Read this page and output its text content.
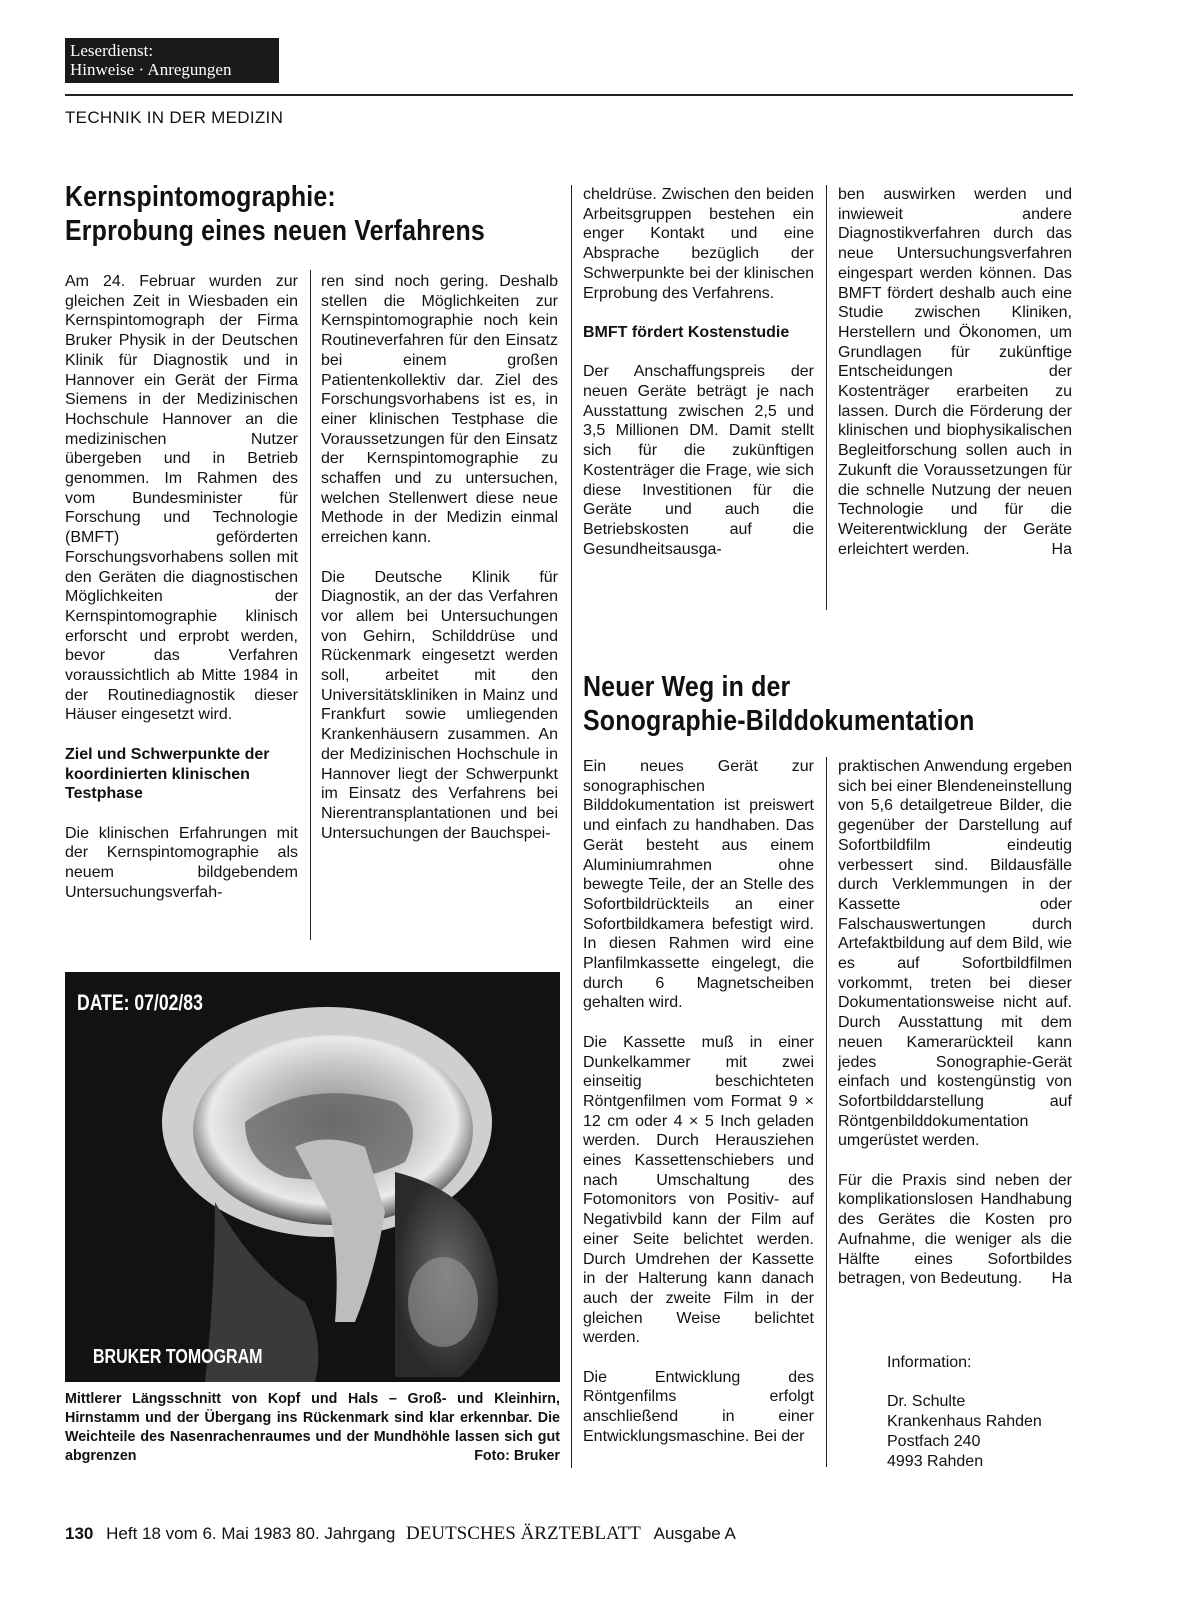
Leserdienst:
Hinweise · Anregungen
TECHNIK IN DER MEDIZIN
Kernspintomographie:
Erprobung eines neuen Verfahrens

Am 24. Februar wurden zur gleichen Zeit in Wiesbaden ein Kernspintomograph der Firma Bruker Physik in der Deutschen Klinik für Diagnostik und in Hannover ein Gerät der Firma Siemens in der Medizinischen Hochschule Hannover an die medizinischen Nutzer übergeben und in Betrieb genommen. Im Rahmen des vom Bundesminister für Forschung und Technologie (BMFT) geförderten Forschungsvorhabens sollen mit den Geräten die diagnostischen Möglichkeiten der Kernspintomographie klinisch erforscht und erprobt werden, bevor das Verfahren voraussichtlich ab Mitte 1984 in der Routinediagnostik dieser Häuser eingesetzt wird.

Ziel und Schwerpunkte der koordinierten klinischen Testphase

Die klinischen Erfahrungen mit der Kernspintomographie als neuem bildgebendem Untersuchungsverfah-

ren sind noch gering. Deshalb stellen die Möglichkeiten zur Kernspintomographie noch kein Routineverfahren für den Einsatz bei einem großen Patientenkollektiv dar. Ziel des Forschungsvorhabens ist es, in einer klinischen Testphase die Voraussetzungen für den Einsatz der Kernspintomographie zu schaffen und zu untersuchen, welchen Stellenwert diese neue Methode in der Medizin einmal erreichen kann.

Die Deutsche Klinik für Diagnostik, an der das Verfahren vor allem bei Untersuchungen von Gehirn, Schilddrüse und Rückenmark eingesetzt werden soll, arbeitet mit den Universitätskliniken in Mainz und Frankfurt sowie umliegenden Krankenhäusern zusammen. An der Medizinischen Hochschule in Hannover liegt der Schwerpunkt im Einsatz des Verfahrens bei Nierentransplantationen und bei Untersuchungen der Bauchspei-

cheldrüse. Zwischen den beiden Arbeitsgruppen bestehen ein enger Kontakt und eine Absprache bezüglich der Schwerpunkte bei der klinischen Erprobung des Verfahrens.

BMFT fördert Kostenstudie

Der Anschaffungspreis der neuen Geräte beträgt je nach Ausstattung zwischen 2,5 und 3,5 Millionen DM. Damit stellt sich für die zukünftigen Kostenträger die Frage, wie sich diese Investitionen für die Geräte und auch die Betriebskosten auf die Gesundheitsausga-

ben auswirken werden und inwieweit andere Diagnostikverfahren durch das neue Untersuchungsverfahren eingespart werden können. Das BMFT fördert deshalb auch eine Studie zwischen Kliniken, Herstellern und Ökonomen, um Grundlagen für zukünftige Entscheidungen der Kostenträger erarbeiten zu lassen. Durch die Förderung der klinischen und biophysikalischen Begleitforschung sollen auch in Zukunft die Voraussetzungen für die schnelle Nutzung der neuen Technologie und für die Weiterentwicklung der Geräte erleichtert werden.	Ha

DATE: 07/02/83
BRUKER TOMOGRAM
Mittlerer Längsschnitt von Kopf und Hals – Groß- und Kleinhirn, Hirnstamm und der Übergang ins Rückenmark sind klar erkennbar. Die Weichteile des Nasenrachenraumes und der Mundhöhle lassen sich gut abgrenzen	Foto: Bruker
Neuer Weg in der
Sonographie-Bilddokumentation

Ein neues Gerät zur sonographischen Bilddokumentation ist preiswert und einfach zu handhaben. Das Gerät besteht aus einem Aluminiumrahmen ohne bewegte Teile, der an Stelle des Sofortbildrückteils an einer Sofortbildkamera befestigt wird. In diesen Rahmen wird eine Planfilmkassette eingelegt, die durch 6 Magnetscheiben gehalten wird.

Die Kassette muß in einer Dunkelkammer mit zwei einseitig beschichteten Röntgenfilmen vom Format 9 × 12 cm oder 4 × 5 Inch geladen werden. Durch Herausziehen eines Kassettenschiebers und nach Umschaltung des Fotomonitors von Positiv- auf Negativbild kann der Film auf einer Seite belichtet werden. Durch Umdrehen der Kassette in der Halterung kann danach auch der zweite Film in der gleichen Weise belichtet werden.

Die Entwicklung des Röntgenfilms erfolgt anschließend in einer Entwicklungsmaschine. Bei der

praktischen Anwendung ergeben sich bei einer Blendeneinstellung von 5,6 detailgetreue Bilder, die gegenüber der Darstellung auf Sofortbildfilm eindeutig verbessert sind. Bildausfälle durch Verklemmungen in der Kassette oder Falschauswertungen durch Artefaktbildung auf dem Bild, wie es auf Sofortbildfilmen vorkommt, treten bei dieser Dokumentationsweise nicht auf. Durch Ausstattung mit dem neuen Kamerarückteil kann jedes Sonographie-Gerät einfach und kostengünstig von Sofortbilddarstellung auf Röntgenbilddokumentation umgerüstet werden.

Für die Praxis sind neben der komplikationslosen Handhabung des Gerätes die Kosten pro Aufnahme, die weniger als die Hälfte eines Sofortbildes betragen, von Bedeutung. Ha

Information:
Dr. Schulte
Krankenhaus Rahden
Postfach 240
4993 Rahden
130 Heft 18 vom 6. Mai 1983 80. Jahrgang DEUTSCHES ÄRZTEBLATT Ausgabe A
